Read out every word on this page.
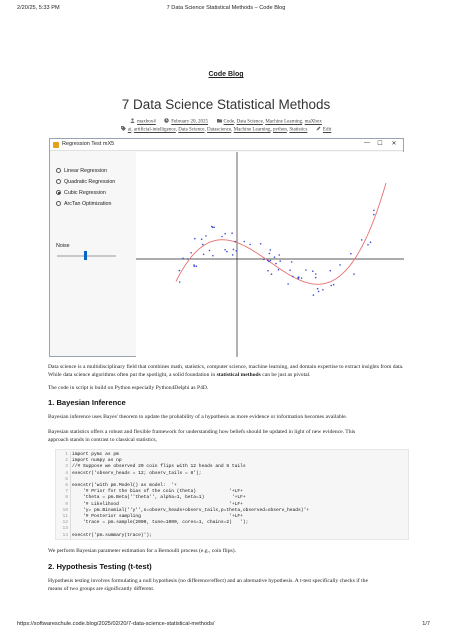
2/20/25, 5:33 PM	7 Data Science Statistical Methods – Code Blog
Code Blog
7 Data Science Statistical Methods
maxbox4	February 20, 2025	Code, Data Science, Machine Learning, maXbox
ai, artificial-intelligence, Data Science, Datascience, Machine Learning, python, Statistics	Edit
Regression Test mX5	—	☐	✕
Linear Regression
Quadratic Regression
Cubic Regression
ArcTan Optimization
Noise
Data science is a multidisciplinary field that combines math, statistics, computer science, machine learning, and domain expertise to extract insights from data. While data science algorithms often put the spotlight, a solid foundation in statistical methods can be just as pivotal.
The code in script is build on Python especially Python4Delphi as P4D.
1. Bayesian Inference
Bayesian inference uses Bayes' theorem to update the probability of a hypothesis as more evidence or information becomes available.
Bayesian statistics offers a robust and flexible framework for understanding how beliefs should be updated in light of new evidence. This
approach stands in contrast to classical statistics,
1 import pymc as pm
2 import numpy as np
3 //# Suppose we observed 20 coin flips with 12 heads and 8 tails
4 execstr('observ_heads = 12; observ_tails = 8');
5
6 execstr('with pm.Model() as model:  '+
7 '# Prior for the bias of the coin (theta)            '+LF+
8 'theta = pm.Beta(''theta'', alpha=1, beta=1)          '+LF+
9 '# Likelihood                                        '+LF+
10 'y= pm.Binomial(''y'',n=observ_heads+observ_tails,p=theta,observed=observ_heads)'+
11 '# Posterior sampling                                '+LF+
12 'trace = pm.sample(2000, tune=1000, cores=1, chains=2)   ');
13
14 execstr('pm.summary(trace)');
We perform Bayesian parameter estimation for a Bernoulli process (e.g., coin flips).
2. Hypothesis Testing (t-test)
Hypothesis testing involves formulating a null hypothesis (no difference/effect) and an alternative hypothesis. A t-test specifically checks if the
means of two groups are significantly different.
https://softwareschule.code.blog/2025/02/20/7-data-science-statistical-methods/	1/7
